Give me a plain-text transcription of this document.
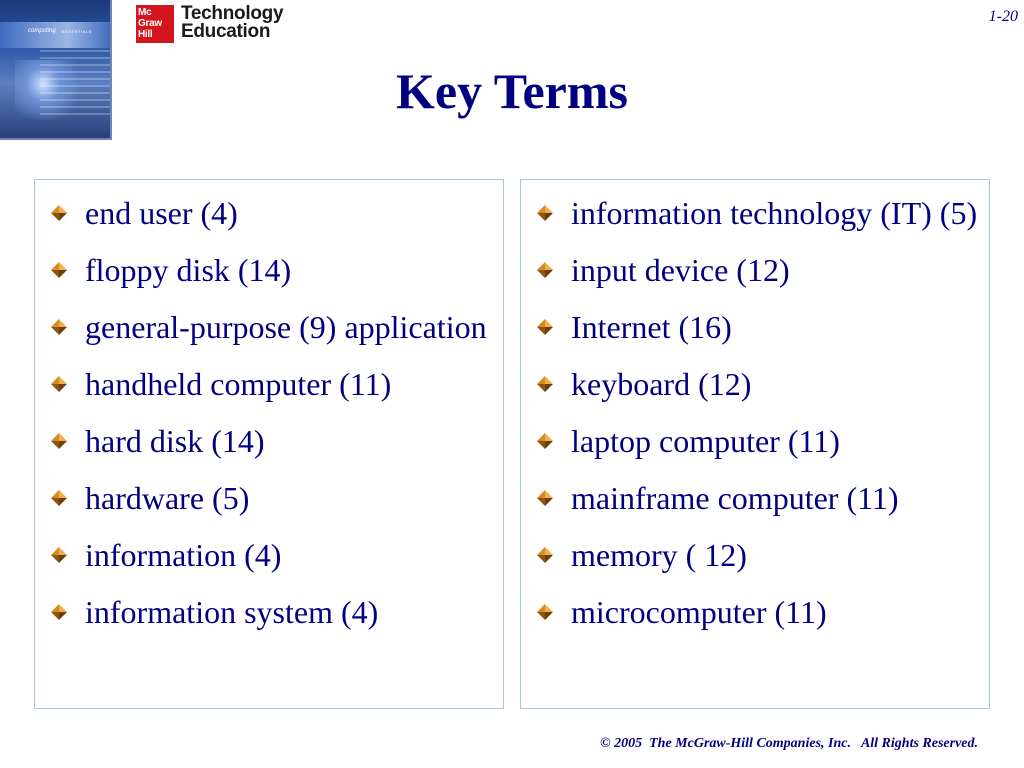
computing ESSENTIALS
Mc
Graw
Hill
Technology
Education
1-20
Key Terms
end user (4)
floppy disk (14)
general-purpose (9) application
handheld computer (11)
hard disk (14)
hardware (5)
information (4)
information system (4)
information technology (IT) (5)
input device (12)
Internet (16)
keyboard (12)
laptop computer (11)
mainframe computer (11)
memory ( 12)
microcomputer (11)
© 2005  The McGraw-Hill Companies, Inc.   All Rights Reserved.
